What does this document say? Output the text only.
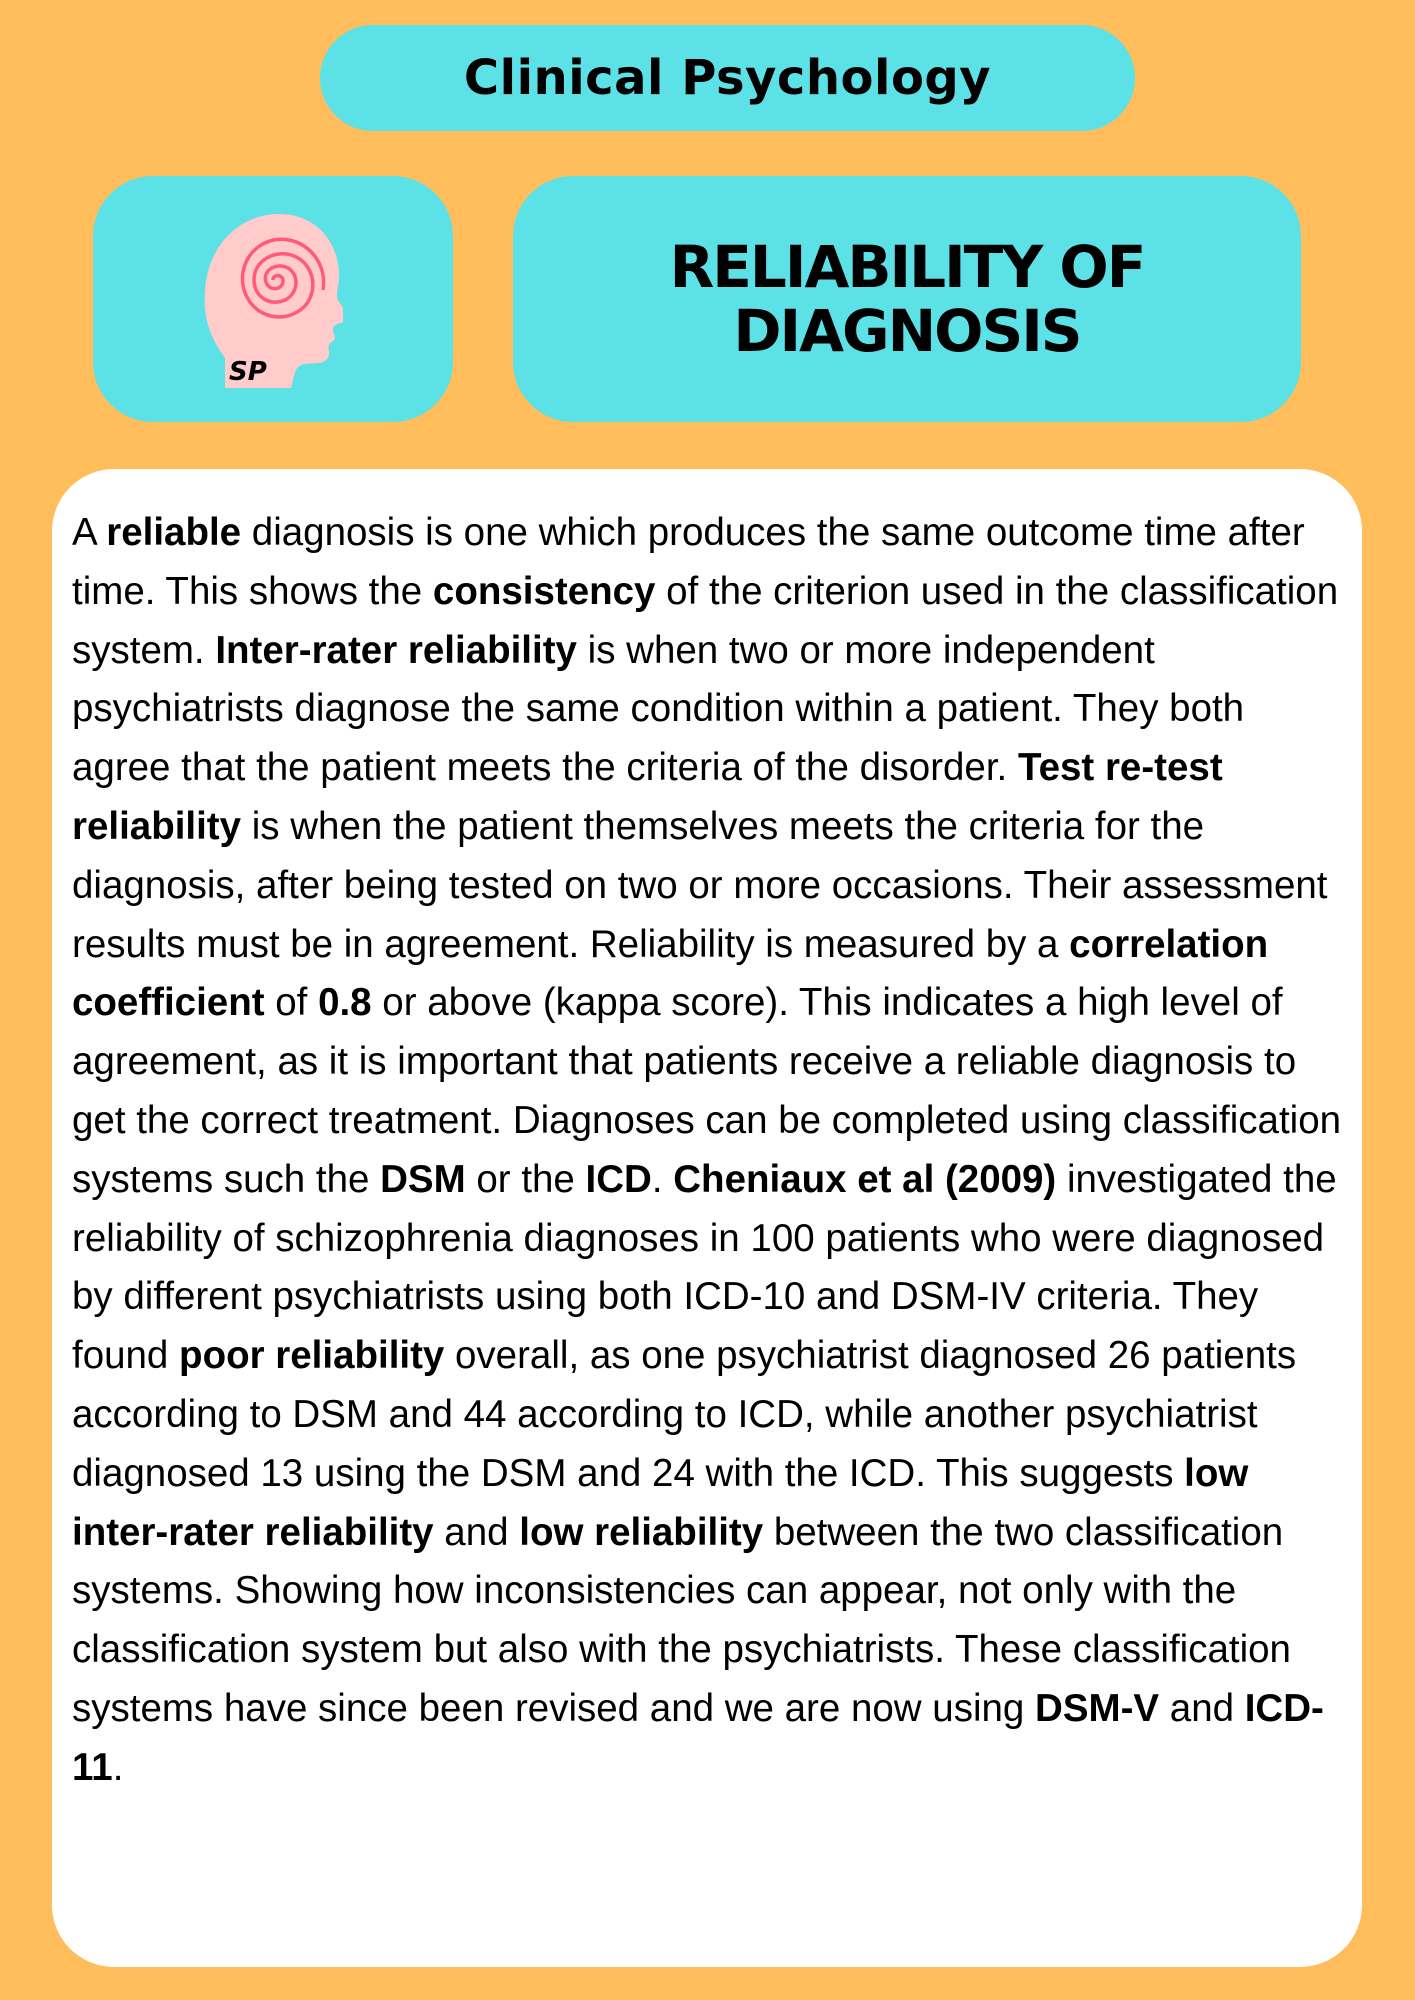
Clinical Psychology
SP
RELIABILITY OF
DIAGNOSIS

A reliable diagnosis is one which produces the same outcome time after time. This shows the consistency of the criterion used in the classification system. Inter-rater reliability is when two or more independent psychiatrists diagnose the same condition within a patient. They both agree that the patient meets the criteria of the disorder. Test re-test reliability is when the patient themselves meets the criteria for the diagnosis, after being tested on two or more occasions. Their assessment results must be in agreement. Reliability is measured by a correlation coefficient of 0.8 or above (kappa score). This indicates a high level of agreement, as it is important that patients receive a reliable diagnosis to get the correct treatment. Diagnoses can be completed using classification systems such the DSM or the ICD. Cheniaux et al (2009) investigated the reliability of schizophrenia diagnoses in 100 patients who were diagnosed by different psychiatrists using both ICD-10 and DSM-IV criteria. They found poor reliability overall, as one psychiatrist diagnosed 26 patients according to DSM and 44 according to ICD, while another psychiatrist diagnosed 13 using the DSM and 24 with the ICD. This suggests low inter-rater reliability and low reliability between the two classification systems. Showing how inconsistencies can appear, not only with the classification system but also with the psychiatrists. These classification systems have since been revised and we are now using DSM-V and ICD-11.
